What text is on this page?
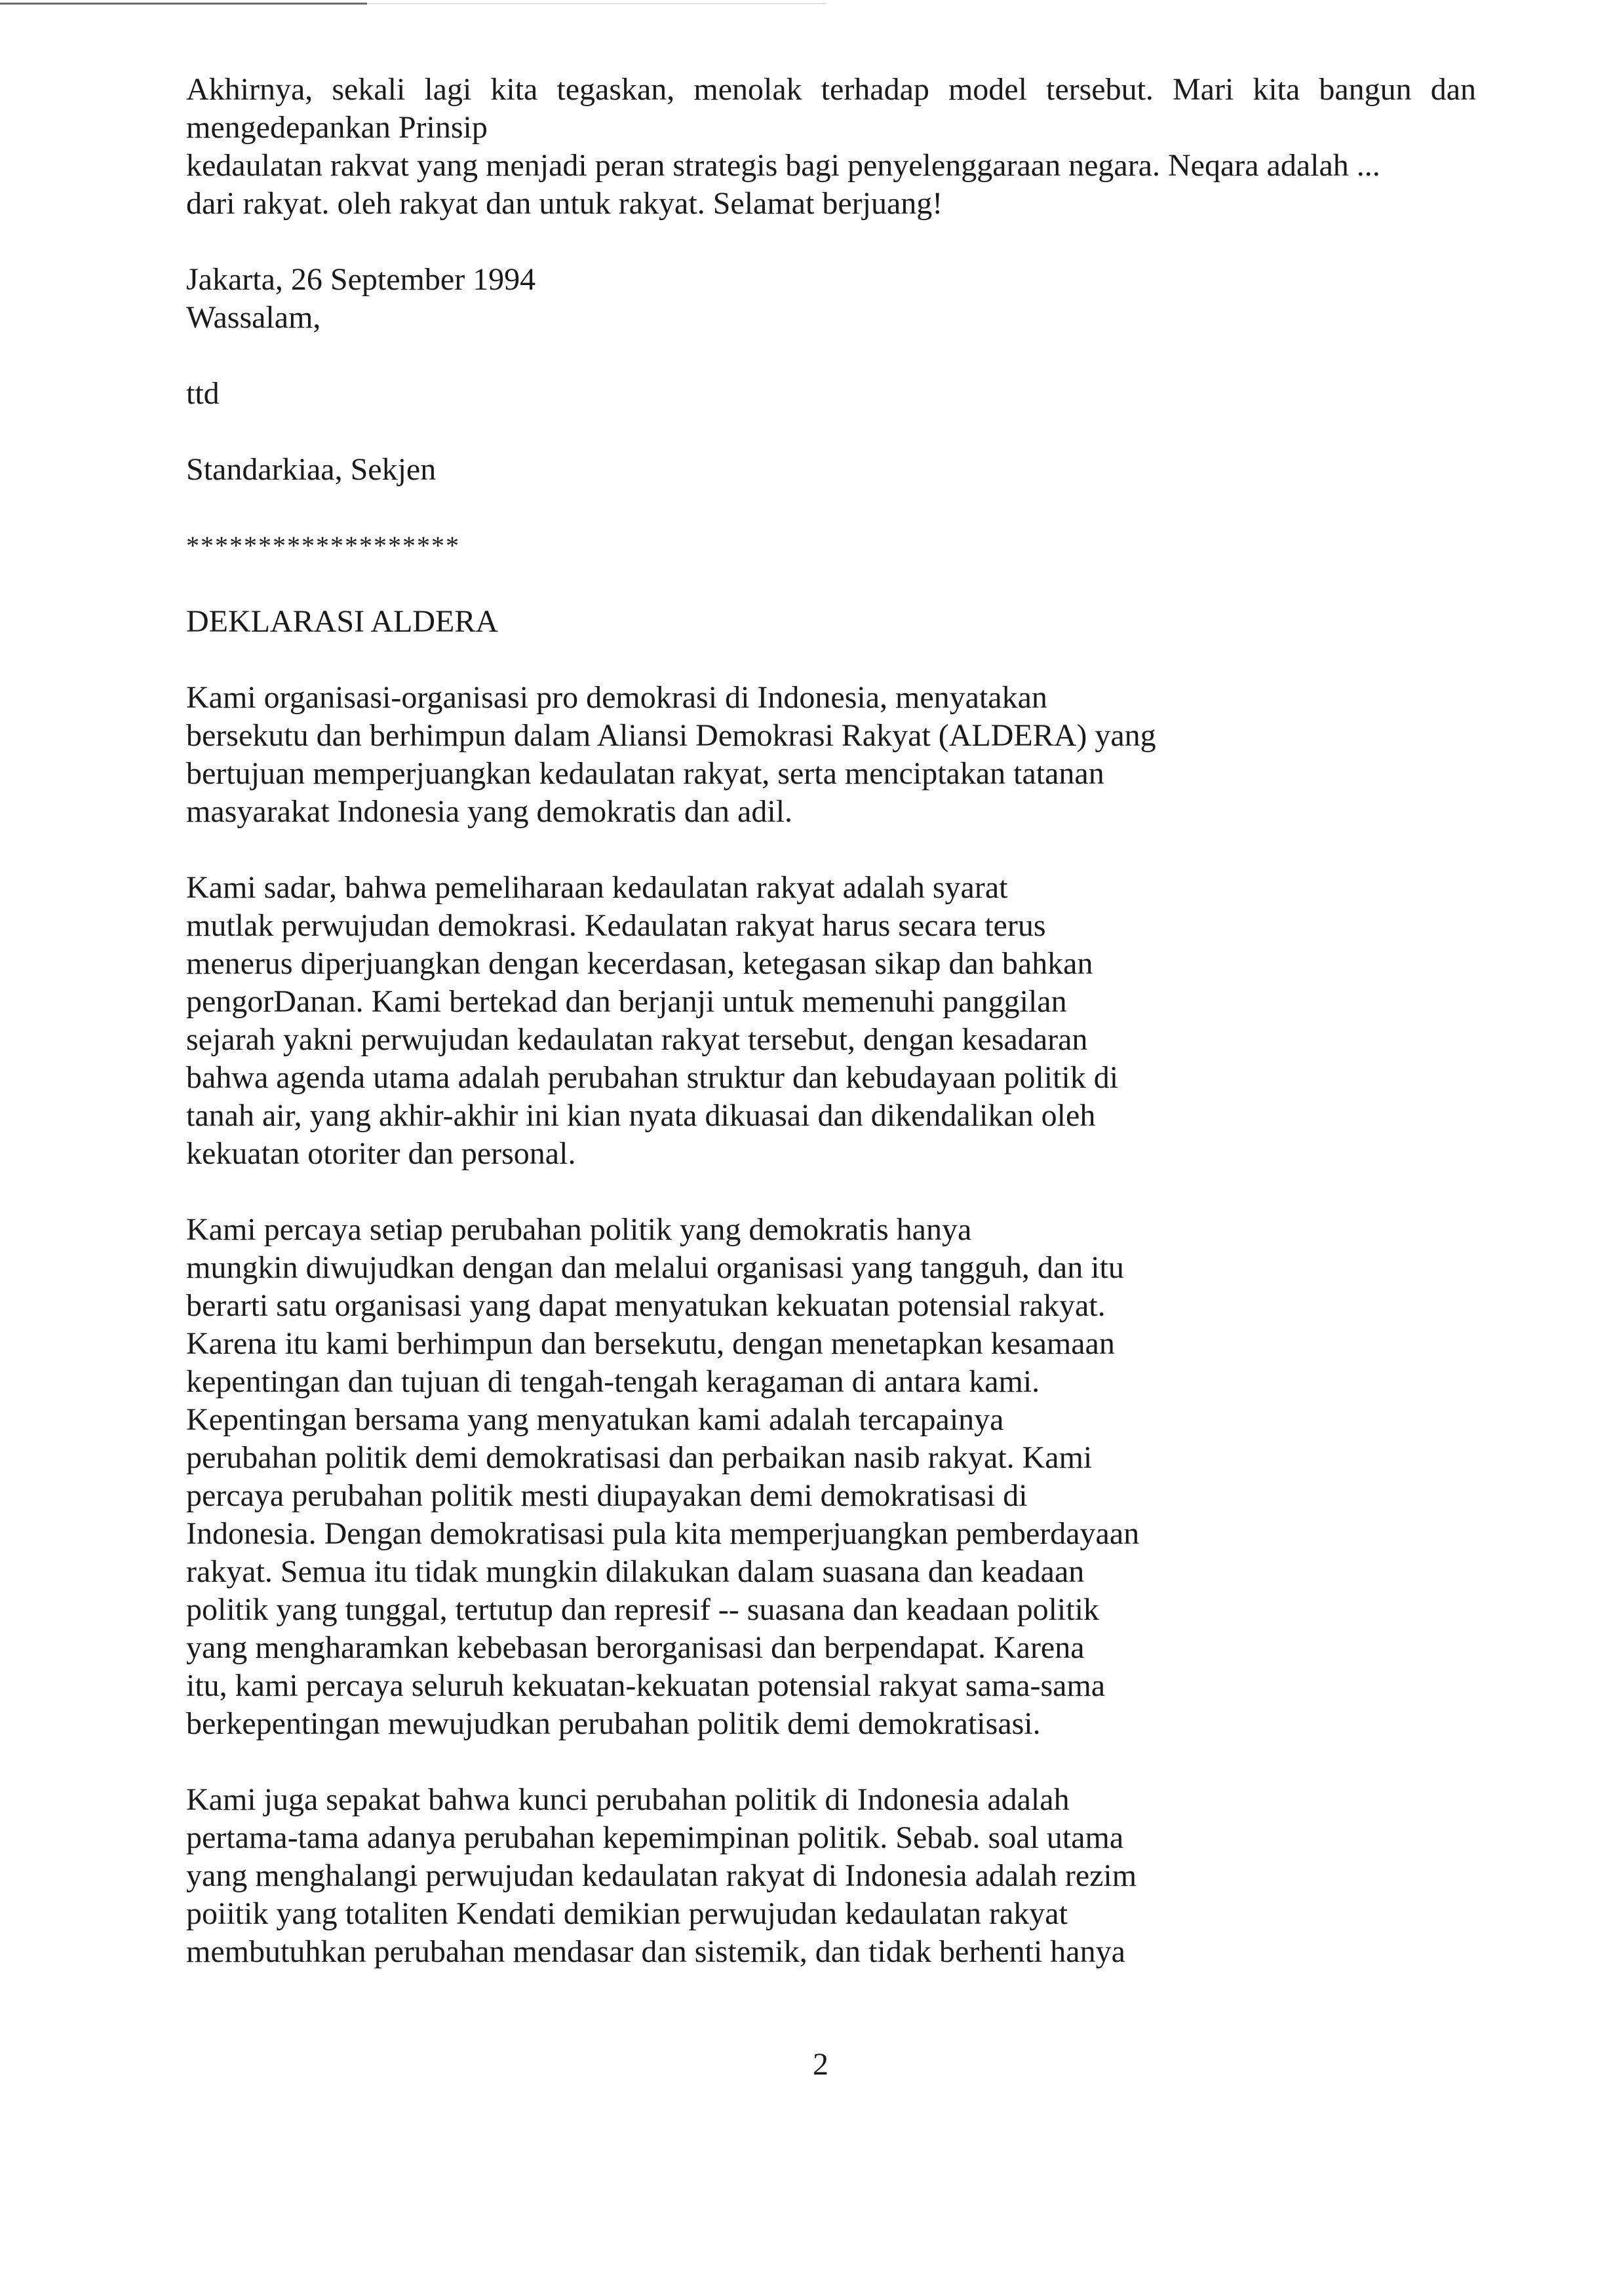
Akhirnya, sekali lagi kita tegaskan, menolak terhadap model tersebut. Mari kita bangun dan
mengedepankan Prinsip
kedaulatan rakvat yang menjadi peran strategis bagi penyelenggaraan negara. Neqara adalah ...
dari rakyat. oleh rakyat dan untuk rakyat. Selamat berjuang!
Jakarta, 26 September 1994
Wassalam,
ttd
Standarkiaa, Sekjen
*******************
DEKLARASI ALDERA
Kami organisasi-organisasi pro demokrasi di Indonesia, menyatakan
bersekutu dan berhimpun dalam Aliansi Demokrasi Rakyat (ALDERA) yang
bertujuan memperjuangkan kedaulatan rakyat, serta menciptakan tatanan
masyarakat Indonesia yang demokratis dan adil.
Kami sadar, bahwa pemeliharaan kedaulatan rakyat adalah syarat
mutlak perwujudan demokrasi. Kedaulatan rakyat harus secara terus
menerus diperjuangkan dengan kecerdasan, ketegasan sikap dan bahkan
pengorDanan. Kami bertekad dan berjanji untuk memenuhi panggilan
sejarah yakni perwujudan kedaulatan rakyat tersebut, dengan kesadaran
bahwa agenda utama adalah perubahan struktur dan kebudayaan politik di
tanah air, yang akhir-akhir ini kian nyata dikuasai dan dikendalikan oleh
kekuatan otoriter dan personal.
Kami percaya setiap perubahan politik yang demokratis hanya
mungkin diwujudkan dengan dan melalui organisasi yang tangguh, dan itu
berarti satu organisasi yang dapat menyatukan kekuatan potensial rakyat.
Karena itu kami berhimpun dan bersekutu, dengan menetapkan kesamaan
kepentingan dan tujuan di tengah-tengah keragaman di antara kami.
Kepentingan bersama yang menyatukan kami adalah tercapainya
perubahan politik demi demokratisasi dan perbaikan nasib rakyat. Kami
percaya perubahan politik mesti diupayakan demi demokratisasi di
Indonesia. Dengan demokratisasi pula kita memperjuangkan pemberdayaan
rakyat. Semua itu tidak mungkin dilakukan dalam suasana dan keadaan
politik yang tunggal, tertutup dan represif -- suasana dan keadaan politik
yang mengharamkan kebebasan berorganisasi dan berpendapat. Karena
itu, kami percaya seluruh kekuatan-kekuatan potensial rakyat sama-sama
berkepentingan mewujudkan perubahan politik demi demokratisasi.
Kami juga sepakat bahwa kunci perubahan politik di Indonesia adalah
pertama-tama adanya perubahan kepemimpinan politik. Sebab. soal utama
yang menghalangi perwujudan kedaulatan rakyat di Indonesia adalah rezim
poiitik yang totaliten Kendati demikian perwujudan kedaulatan rakyat
membutuhkan perubahan mendasar dan sistemik, dan tidak berhenti hanya
2
